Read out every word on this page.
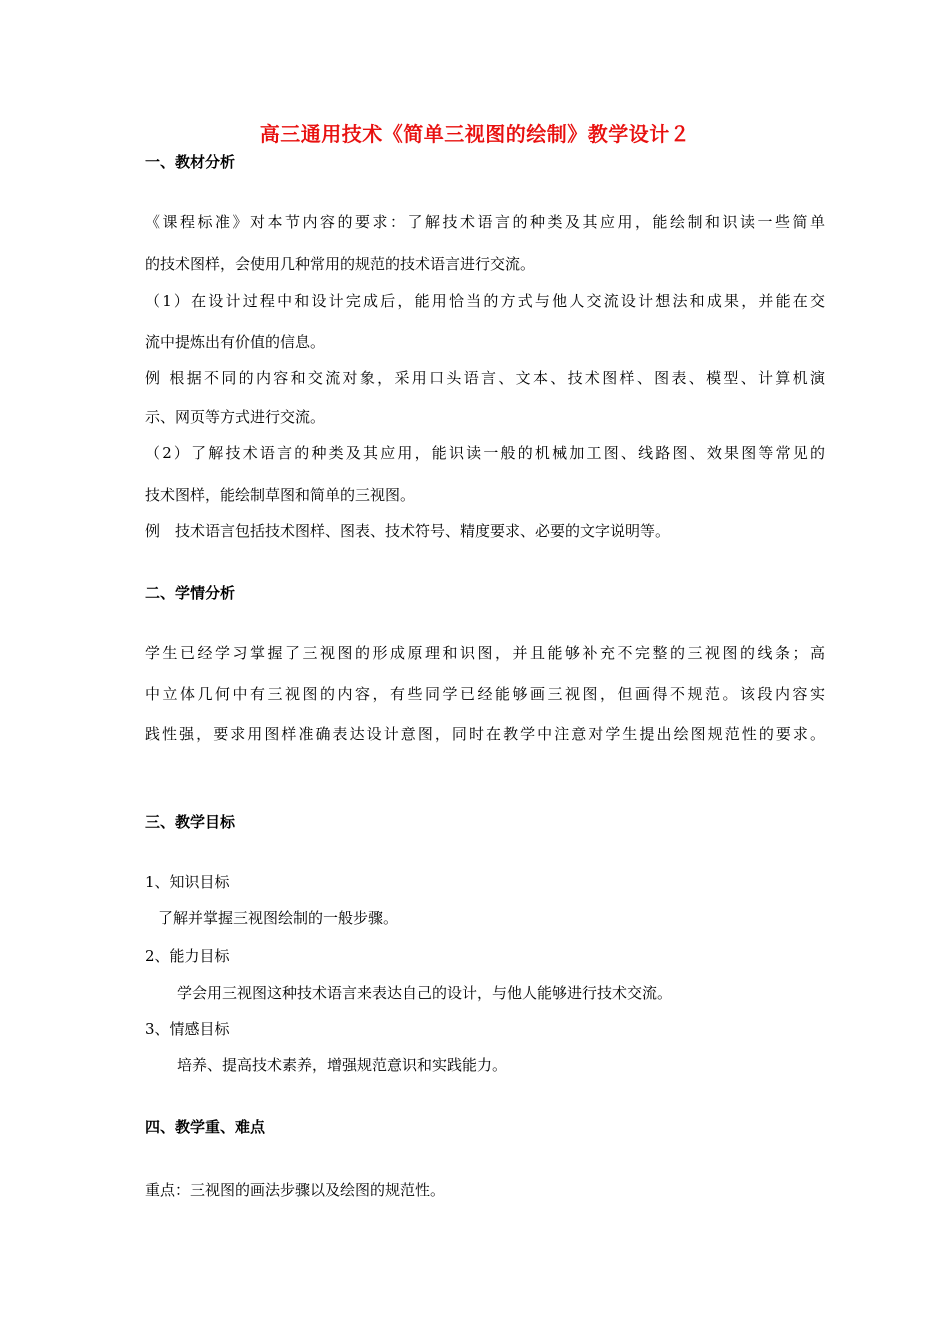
高三通用技术《简单三视图的绘制》教学设计２
一、教材分析
《课程标准》对本节内容的要求：了解技术语言的种类及其应用，能绘制和识读一些简单
的技术图样，会使用几种常用的规范的技术语言进行交流。
（1）在设计过程中和设计完成后，能用恰当的方式与他人交流设计想法和成果，并能在交
流中提炼出有价值的信息。
例 根据不同的内容和交流对象，采用口头语言、文本、技术图样、图表、模型、计算机演
示、网页等方式进行交流。
（2）了解技术语言的种类及其应用，能识读一般的机械加工图、线路图、效果图等常见的
技术图样，能绘制草图和简单的三视图。
例　技术语言包括技术图样、图表、技术符号、精度要求、必要的文字说明等。
二、学情分析
学生已经学习掌握了三视图的形成原理和识图，并且能够补充不完整的三视图的线条；高
中立体几何中有三视图的内容，有些同学已经能够画三视图，但画得不规范。该段内容实
践性强，要求用图样准确表达设计意图，同时在教学中注意对学生提出绘图规范性的要求。
三、教学目标
1、知识目标
了解并掌握三视图绘制的一般步骤。
2、能力目标
学会用三视图这种技术语言来表达自己的设计，与他人能够进行技术交流。
3、情感目标
培养、提高技术素养，增强规范意识和实践能力。
四、教学重、难点
重点：三视图的画法步骤以及绘图的规范性。
